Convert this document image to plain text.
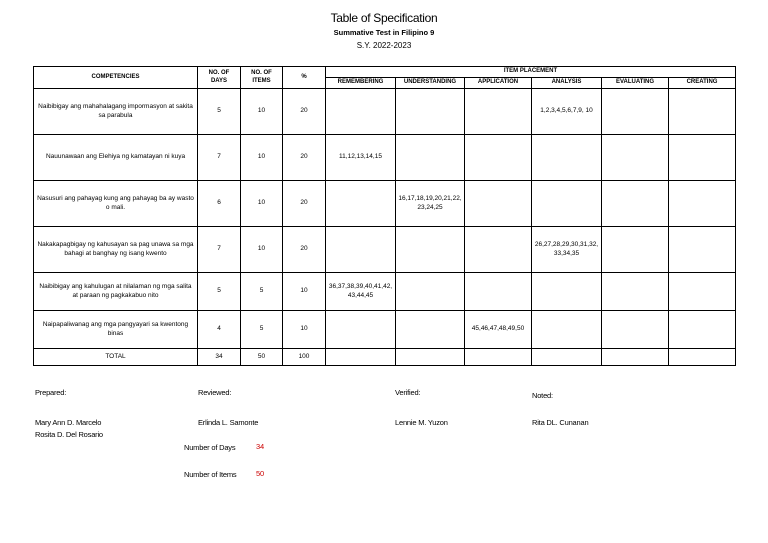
Table of Specification
Summative Test in Filipino 9
S.Y. 2022-2023
COMPETENCIES	NO. OF DAYS	NO. OF ITEMS	%	ITEM PLACEMENT					
				REMEMBERING	UNDERSTANDING	APPLICATION	ANALYSIS	EVALUATING	CREATING
Naibibigay ang mahahalagang impormasyon at sakita sa parabula	5	10	20				1,2,3,4,5,6,7,9, 10		
Nauunawaan ang Elehiya ng kamatayan ni kuya	7	10	20	11,12,13,14,15					
Nasusuri ang pahayag kung ang pahayag ba ay wasto o mali.	6	10	20		16,17,18,19,20,21,22, 23,24,25				
Nakakapagbigay ng kahusayan sa pag unawa sa mga bahagi at banghay ng isang kwento	7	10	20				26,27,28,29,30,31,32, 33,34,35		
Naibibigay ang kahulugan at nilalaman ng mga salita at paraan ng pagkakabuo nito	5	5	10	36,37,38,39,40,41,42, 43,44,45					
Naipapaliwanag ang mga pangyayari sa kwentong binas	4	5	10			45,46,47,48,49,50			
TOTAL	34	50	100						
Prepared:
Mary Ann D. Marcelo
Rosita D. Del Rosario
Reviewed:
Erlinda L. Samonte
Verified:
Lennie M. Yuzon
Noted:
Rita DL. Cunanan
Number of Days	34
Number of Items	50
